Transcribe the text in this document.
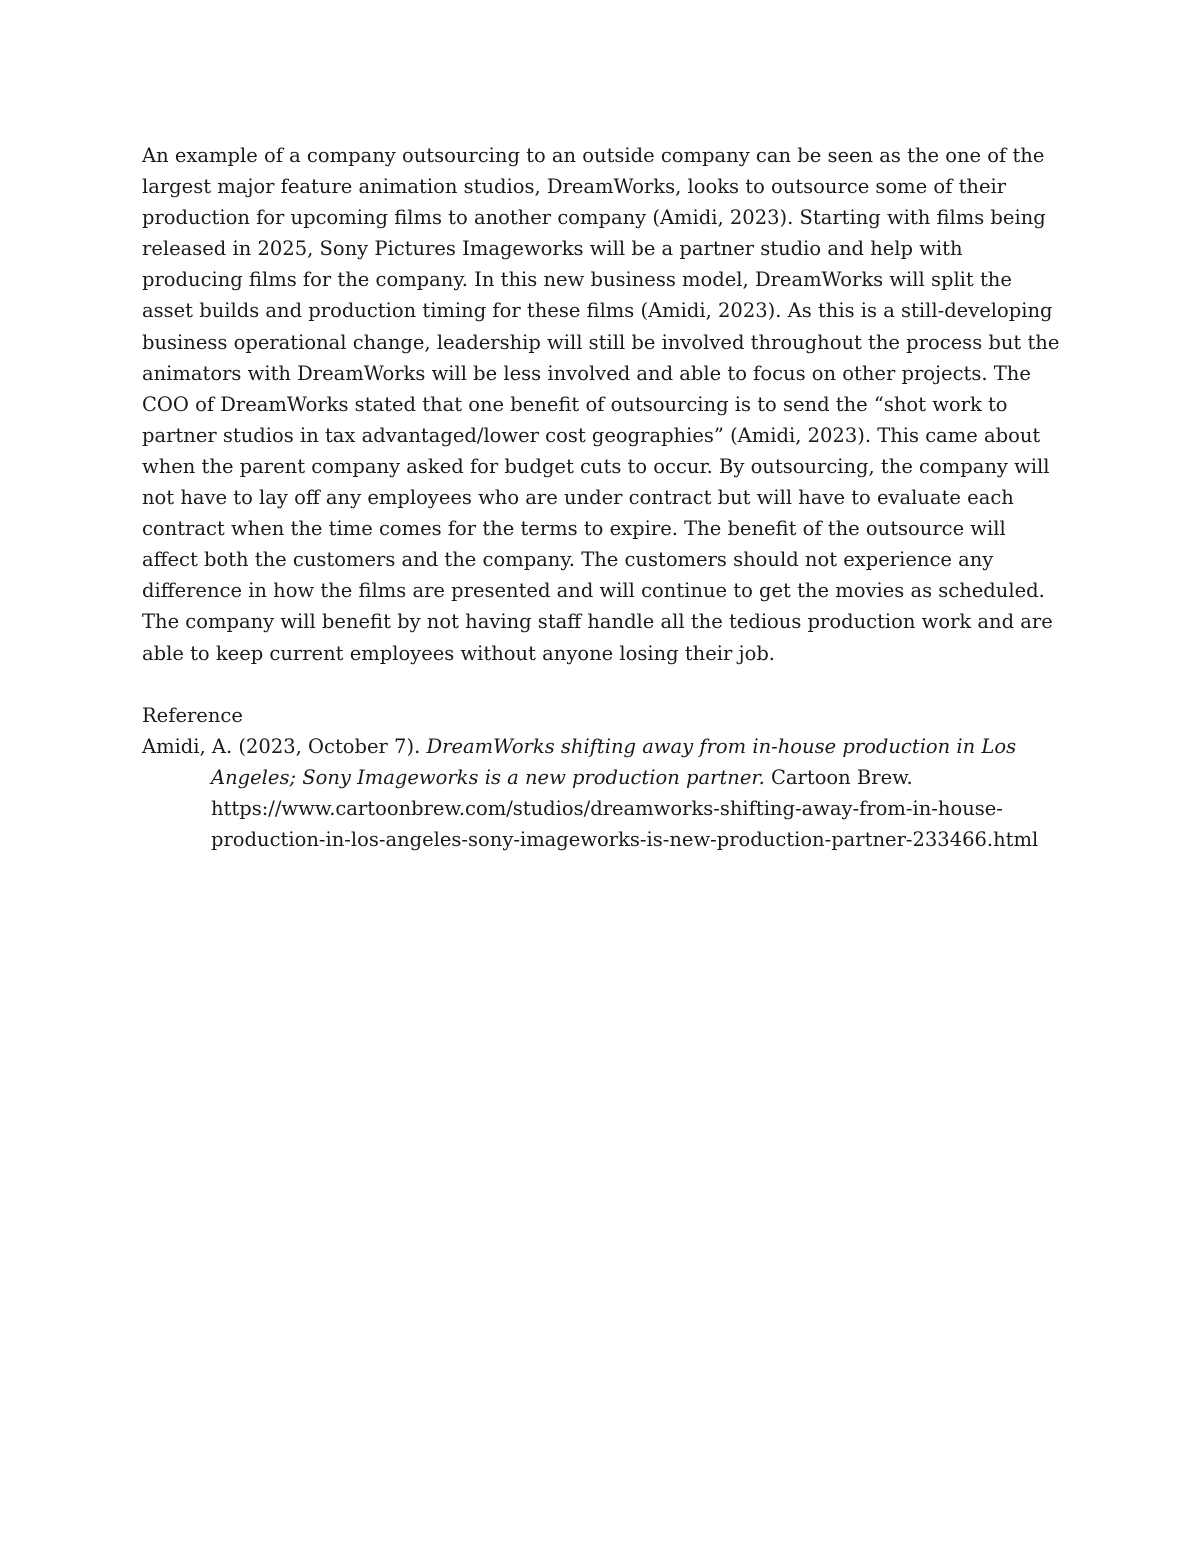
An example of a company outsourcing to an outside company can be seen as the one of the largest major feature animation studios, DreamWorks, looks to outsource some of their production for upcoming films to another company (Amidi, 2023). Starting with films being released in 2025, Sony Pictures Imageworks will be a partner studio and help with producing films for the company. In this new business model, DreamWorks will split the asset builds and production timing for these films (Amidi, 2023). As this is a still-developing business operational change, leadership will still be involved throughout the process but the animators with DreamWorks will be less involved and able to focus on other projects. The COO of DreamWorks stated that one benefit of outsourcing is to send the “shot work to partner studios in tax advantaged/lower cost geographies” (Amidi, 2023). This came about when the parent company asked for budget cuts to occur. By outsourcing, the company will not have to lay off any employees who are under contract but will have to evaluate each contract when the time comes for the terms to expire. The benefit of the outsource will affect both the customers and the company. The customers should not experience any difference in how the films are presented and will continue to get the movies as scheduled. The company will benefit by not having staff handle all the tedious production work and are able to keep current employees without anyone losing their job.

Reference

Amidi, A. (2023, October 7). DreamWorks shifting away from in-house production in Los Angeles; Sony Imageworks is a new production partner. Cartoon Brew. https://www.cartoonbrew.com/studios/dreamworks-shifting-away-from-in-house-production-in-los-angeles-sony-imageworks-is-new-production-partner-233466.html
